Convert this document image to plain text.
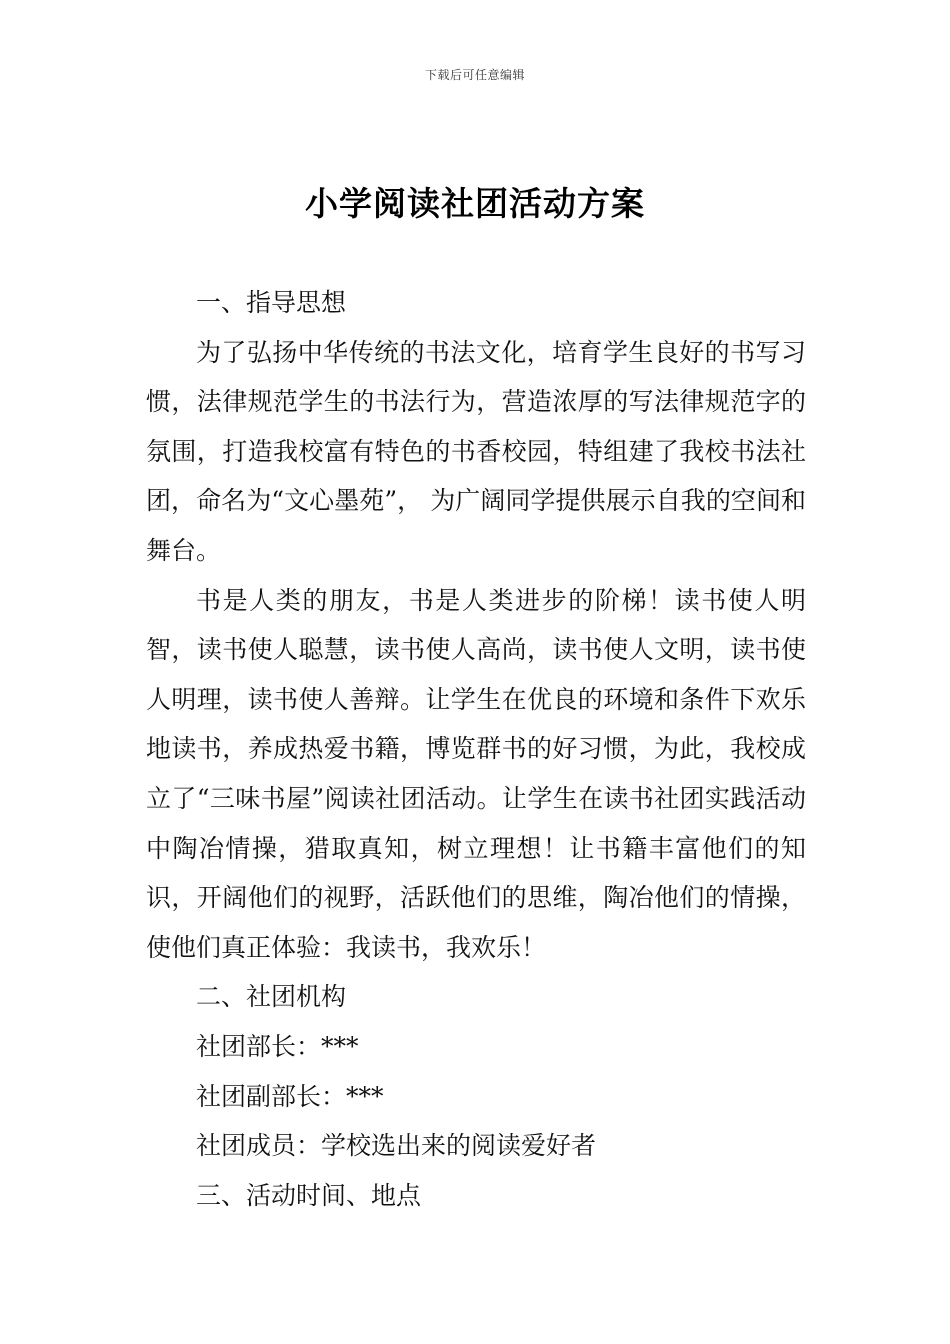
下载后可任意编辑
小学阅读社团活动方案
一、指导思想

为了弘扬中华传统的书法文化，培育学生良好的书写习惯，法律规范学生的书法行为，营造浓厚的写法律规范字的氛围，打造我校富有特色的书香校园，特组建了我校书法社团，命名为“文心墨苑”， 为广阔同学提供展示自我的空间和舞台。

书是人类的朋友，书是人类进步的阶梯！读书使人明智，读书使人聪慧，读书使人高尚，读书使人文明，读书使人明理，读书使人善辩。让学生在优良的环境和条件下欢乐地读书，养成热爱书籍，博览群书的好习惯，为此，我校成立了“三味书屋”阅读社团活动。让学生在读书社团实践活动中陶冶情操，猎取真知，树立理想！让书籍丰富他们的知识，开阔他们的视野，活跃他们的思维，陶冶他们的情操，使他们真正体验：我读书，我欢乐！

二、社团机构
社团部长：***
社团副部长：***
社团成员：学校选出来的阅读爱好者
三、活动时间、地点
